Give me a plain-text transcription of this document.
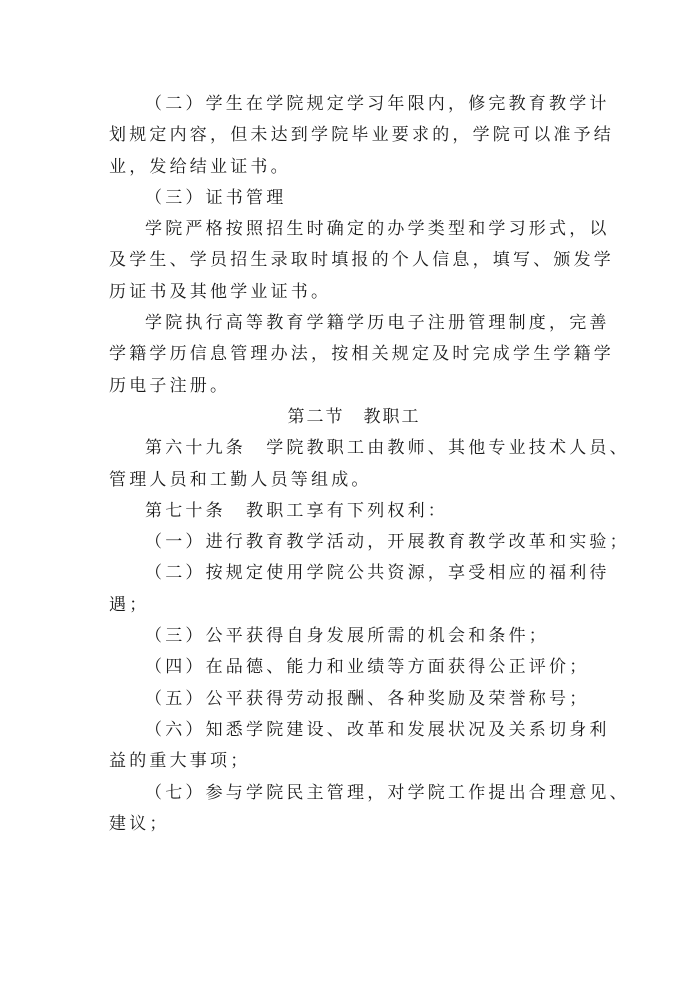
（二）学生在学院规定学习年限内，修完教育教学计

划规定内容，但未达到学院毕业要求的，学院可以准予结

业，发给结业证书。

（三）证书管理

学院严格按照招生时确定的办学类型和学习形式，以

及学生、学员招生录取时填报的个人信息，填写、颁发学

历证书及其他学业证书。

学院执行高等教育学籍学历电子注册管理制度，完善

学籍学历信息管理办法，按相关规定及时完成学生学籍学

历电子注册。

第二节　教职工

第六十九条　学院教职工由教师、其他专业技术人员、

管理人员和工勤人员等组成。

第七十条　教职工享有下列权利：

（一）进行教育教学活动，开展教育教学改革和实验；

（二）按规定使用学院公共资源，享受相应的福利待

遇；

（三）公平获得自身发展所需的机会和条件；

（四）在品德、能力和业绩等方面获得公正评价；

（五）公平获得劳动报酬、各种奖励及荣誉称号；

（六）知悉学院建设、改革和发展状况及关系切身利

益的重大事项；

（七）参与学院民主管理，对学院工作提出合理意见、

建议；
